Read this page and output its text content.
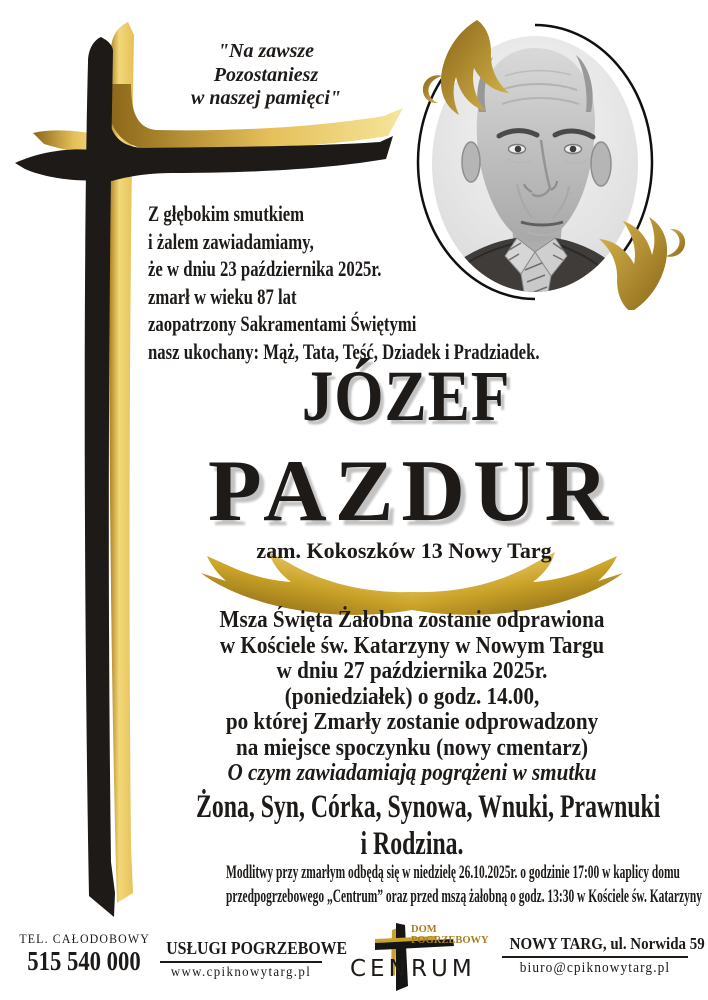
"Na zawsze
Pozostaniesz
w naszej pamięci"
Z głębokim smutkiem
i żalem zawiadamiamy,
że w dniu 23 października 2025r.
zmarł w wieku 87 lat
zaopatrzony Sakramentami Świętymi
nasz ukochany: Mąż, Tata, Teść, Dziadek i Pradziadek.
JÓZEF
PAZDUR
zam. Kokoszków 13 Nowy Targ
Msza Święta Żałobna zostanie odprawiona
w Kościele św. Katarzyny w Nowym Targu
w dniu 27 października 2025r.
(poniedziałek) o godz. 14.00,
po której Zmarły zostanie odprowadzony
na miejsce spoczynku (nowy cmentarz)
O czym zawiadamiają pogrążeni w smutku
Żona, Syn, Córka, Synowa, Wnuki, Prawnuki
i Rodzina.
Modlitwy przy zmarłym odbędą się w niedzielę 26.10.2025r. o godzinie 17:00 w kaplicy domu
przedpogrzebowego „Centrum” oraz przed mszą żałobną o godz. 13:30 w Kościele św. Katarzyny
TEL. CAŁODOBOWY
515 540 000 USŁUGI POGRZEBOWE
www.cpiknowytarg.pl
DOM
POGRZEBOWY
CEN RUM
NOWY TARG, ul. Norwida 59
biuro@cpiknowytarg.pl
